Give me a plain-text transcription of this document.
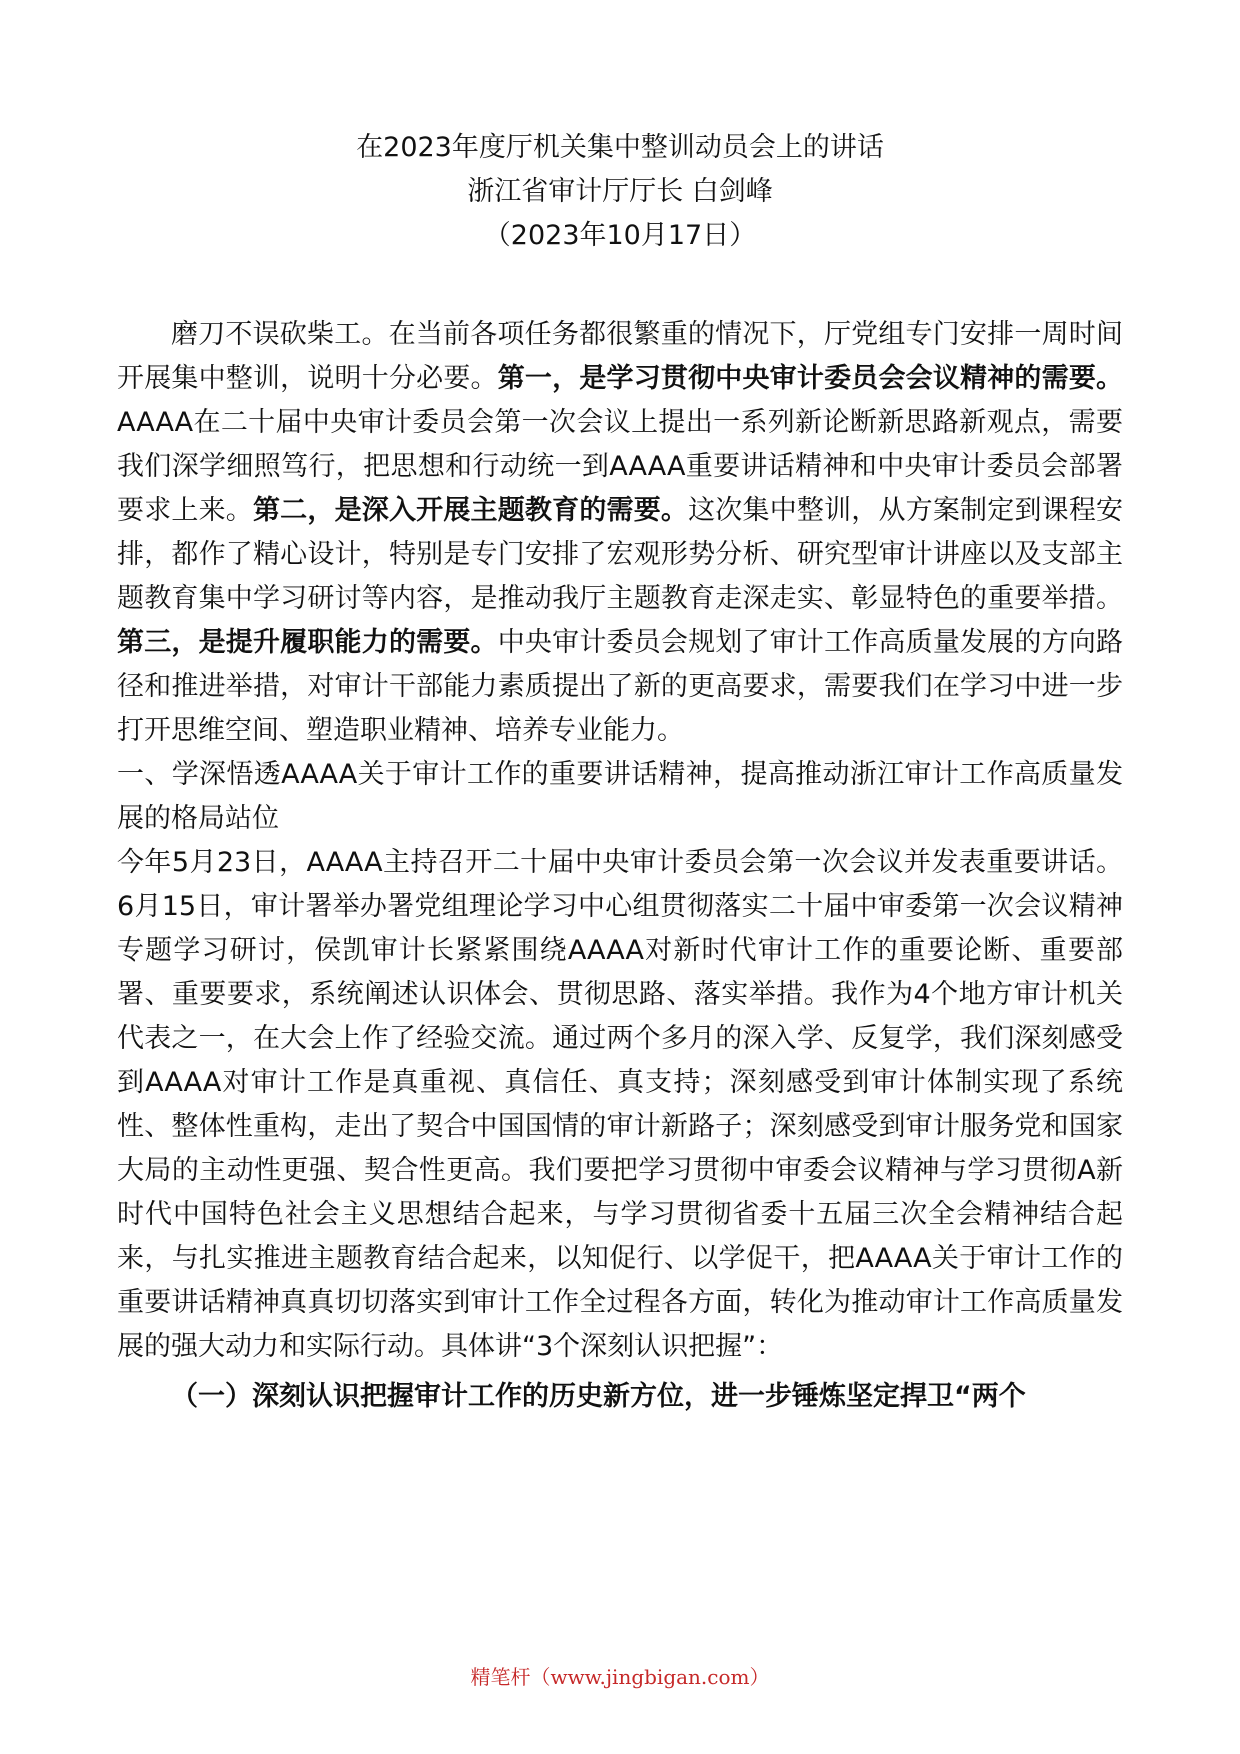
在2023年度厅机关集中整训动员会上的讲话
浙江省审计厅厅长 白剑峰
（2023年10月17日）

磨刀不误砍柴工。在当前各项任务都很繁重的情况下，厅党组专门安排一周时间开展集中整训，说明十分必要。第一，是学习贯彻中央审计委员会会议精神的需要。AAAA在二十届中央审计委员会第一次会议上提出一系列新论断新思路新观点，需要我们深学细照笃行，把思想和行动统一到AAAA重要讲话精神和中央审计委员会部署要求上来。第二，是深入开展主题教育的需要。这次集中整训，从方案制定到课程安排，都作了精心设计，特别是专门安排了宏观形势分析、研究型审计讲座以及支部主题教育集中学习研讨等内容，是推动我厅主题教育走深走实、彰显特色的重要举措。第三，是提升履职能力的需要。中央审计委员会规划了审计工作高质量发展的方向路径和推进举措，对审计干部能力素质提出了新的更高要求，需要我们在学习中进一步打开思维空间、塑造职业精神、培养专业能力。

一、学深悟透AAAA关于审计工作的重要讲话精神，提高推动浙江审计工作高质量发展的格局站位

今年5月23日，AAAA主持召开二十届中央审计委员会第一次会议并发表重要讲话。6月15日，审计署举办署党组理论学习中心组贯彻落实二十届中审委第一次会议精神专题学习研讨，侯凯审计长紧紧围绕AAAA对新时代审计工作的重要论断、重要部署、重要要求，系统阐述认识体会、贯彻思路、落实举措。我作为4个地方审计机关代表之一，在大会上作了经验交流。通过两个多月的深入学、反复学，我们深刻感受到AAAA对审计工作是真重视、真信任、真支持；深刻感受到审计体制实现了系统性、整体性重构，走出了契合中国国情的审计新路子；深刻感受到审计服务党和国家大局的主动性更强、契合性更高。我们要把学习贯彻中审委会议精神与学习贯彻A新时代中国特色社会主义思想结合起来，与学习贯彻省委十五届三次全会精神结合起来，与扎实推进主题教育结合起来，以知促行、以学促干，把AAAA关于审计工作的重要讲话精神真真切切落实到审计工作全过程各方面，转化为推动审计工作高质量发展的强大动力和实际行动。具体讲“3个深刻认识把握”：

（一）深刻认识把握审计工作的历史新方位，进一步锤炼坚定捍卫“两个

精笔杆（www.jingbigan.com）
